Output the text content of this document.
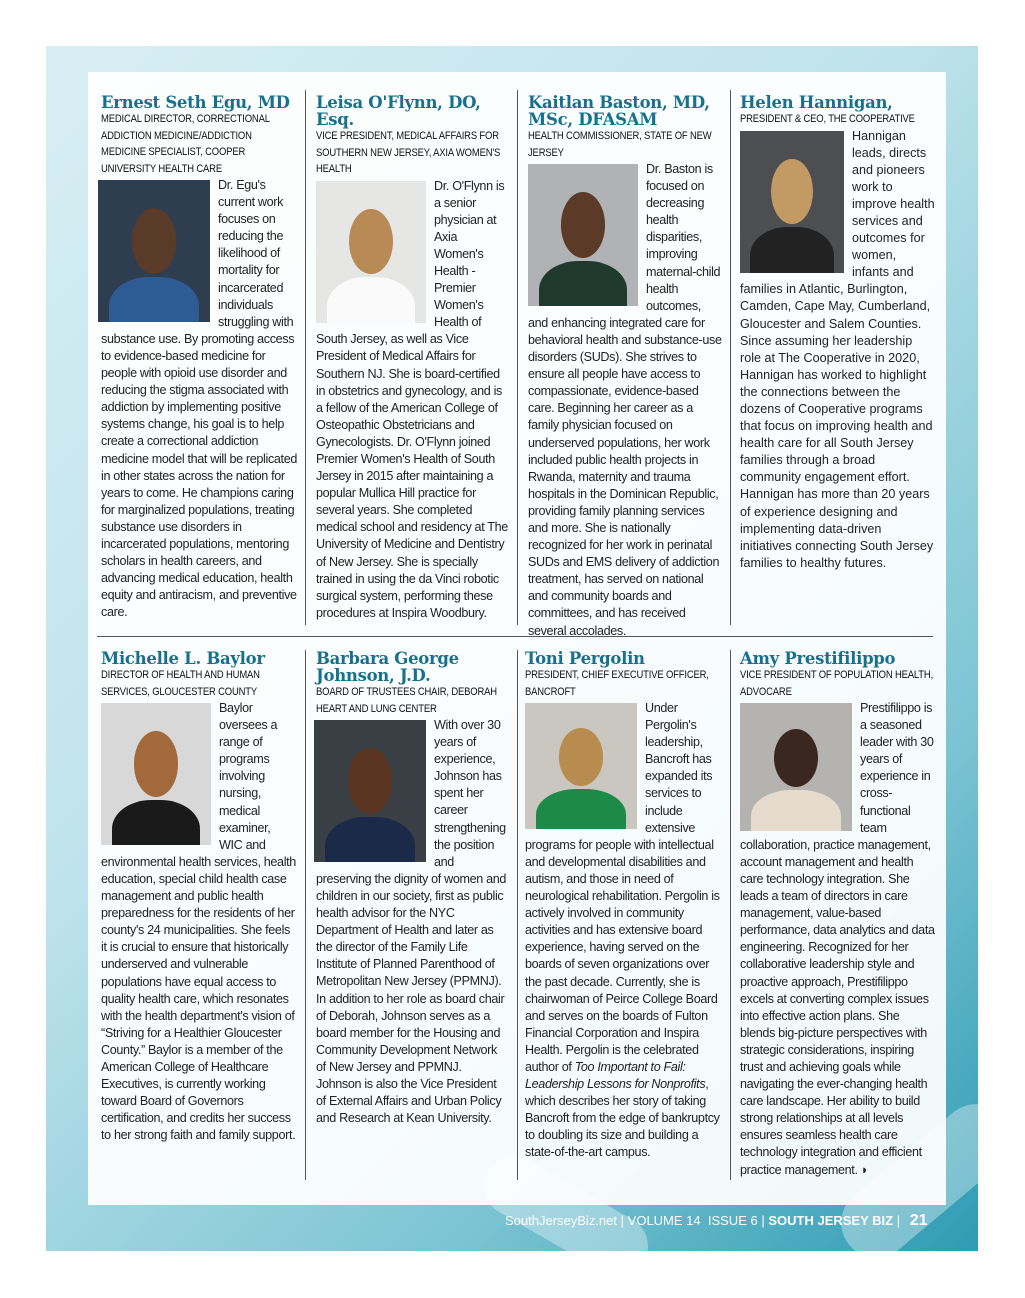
Ernest Seth Egu, MD
MEDICAL DIRECTOR, CORRECTIONAL ADDICTION MEDICINE/ADDICTION MEDICINE SPECIALIST, COOPER UNIVERSITY HEALTH CARE
Dr. Egu's current work focuses on reducing the likelihood of mortality for incarcerated individuals struggling with substance use. By promoting access to evidence-based medicine for people with opioid use disorder and reducing the stigma associated with addiction by implementing positive systems change, his goal is to help create a correctional addiction medicine model that will be replicated in other states across the nation for years to come. He champions caring for marginalized populations, treating substance use disorders in incarcerated populations, mentoring scholars in health careers, and advancing medical education, health equity and antiracism, and preventive care.
Leisa O'Flynn, DO, Esq.
VICE PRESIDENT, MEDICAL AFFAIRS FOR SOUTHERN NEW JERSEY, AXIA WOMEN'S HEALTH
Dr. O'Flynn is a senior physician at Axia Women's Health - Premier Women's Health of South Jersey, as well as Vice President of Medical Affairs for Southern NJ. She is board-certified in obstetrics and gynecology, and is a fellow of the American College of Osteopathic Obstetricians and Gynecologists. Dr. O'Flynn joined Premier Women's Health of South Jersey in 2015 after maintaining a popular Mullica Hill practice for several years. She completed medical school and residency at The University of Medicine and Dentistry of New Jersey. She is specially trained in using the da Vinci robotic surgical system, performing these procedures at Inspira Woodbury.
Kaitlan Baston, MD, MSc, DFASAM
HEALTH COMMISSIONER, STATE OF NEW JERSEY
Dr. Baston is focused on decreasing health disparities, improving maternal-child health outcomes, and enhancing integrated care for behavioral health and substance-use disorders (SUDs). She strives to ensure all people have access to compassionate, evidence-based care. Beginning her career as a family physician focused on underserved populations, her work included public health projects in Rwanda, maternity and trauma hospitals in the Dominican Republic, providing family planning services and more. She is nationally recognized for her work in perinatal SUDs and EMS delivery of addiction treatment, has served on national and community boards and committees, and has received several accolades.
Helen Hannigan,
PRESIDENT & CEO, THE COOPERATIVE
Hannigan leads, directs and pioneers work to improve health services and outcomes for women, infants and families in Atlantic, Burlington, Camden, Cape May, Cumberland, Gloucester and Salem Counties. Since assuming her leadership role at The Cooperative in 2020, Hannigan has worked to highlight the connections between the dozens of Cooperative programs that focus on improving health and health care for all South Jersey families through a broad community engagement effort. Hannigan has more than 20 years of experience designing and implementing data-driven initiatives connecting South Jersey families to healthy futures.
Michelle L. Baylor
DIRECTOR OF HEALTH AND HUMAN SERVICES, GLOUCESTER COUNTY
Baylor oversees a range of programs involving nursing, medical examiner, WIC and environmental health services, health education, special child health case management and public health preparedness for the residents of her county's 24 municipalities. She feels it is crucial to ensure that historically underserved and vulnerable populations have equal access to quality health care, which resonates with the health department's vision of “Striving for a Healthier Gloucester County.” Baylor is a member of the American College of Healthcare Executives, is currently working toward Board of Governors certification, and credits her success to her strong faith and family support.
Barbara George Johnson, J.D.
BOARD OF TRUSTEES CHAIR, DEBORAH HEART AND LUNG CENTER
With over 30 years of experience, Johnson has spent her career strengthening the position and preserving the dignity of women and children in our society, first as public health advisor for the NYC Department of Health and later as the director of the Family Life Institute of Planned Parenthood of Metropolitan New Jersey (PPMNJ). In addition to her role as board chair of Deborah, Johnson serves as a board member for the Housing and Community Development Network of New Jersey and PPMNJ. Johnson is also the Vice President of External Affairs and Urban Policy and Research at Kean University.
Toni Pergolin
PRESIDENT, CHIEF EXECUTIVE OFFICER, BANCROFT
Under Pergolin's leadership, Bancroft has expanded its services to include extensive programs for people with intellectual and developmental disabilities and autism, and those in need of neurological rehabilitation. Pergolin is actively involved in community activities and has extensive board experience, having served on the boards of seven organizations over the past decade. Currently, she is chairwoman of Peirce College Board and serves on the boards of Fulton Financial Corporation and Inspira Health. Pergolin is the celebrated author of Too Important to Fail: Leadership Lessons for Nonprofits, which describes her story of taking Bancroft from the edge of bankruptcy to doubling its size and building a state-of-the-art campus.
Amy Prestifilippo
VICE PRESIDENT OF POPULATION HEALTH, ADVOCARE
Prestifilippo is a seasoned leader with 30 years of experience in cross-functional team collaboration, practice management, account management and health care technology integration. She leads a team of directors in care management, value-based performance, data analytics and data engineering. Recognized for her collaborative leadership style and proactive approach, Prestifilippo excels at converting complex issues into effective action plans. She blends big-picture perspectives with strategic considerations, inspiring trust and achieving goals while navigating the ever-changing health care landscape. Her ability to build strong relationships at all levels ensures seamless health care technology integration and efficient practice management. ◗
SouthJerseyBiz.net | VOLUME 14  ISSUE 6 | SOUTH JERSEY BIZ | 21
